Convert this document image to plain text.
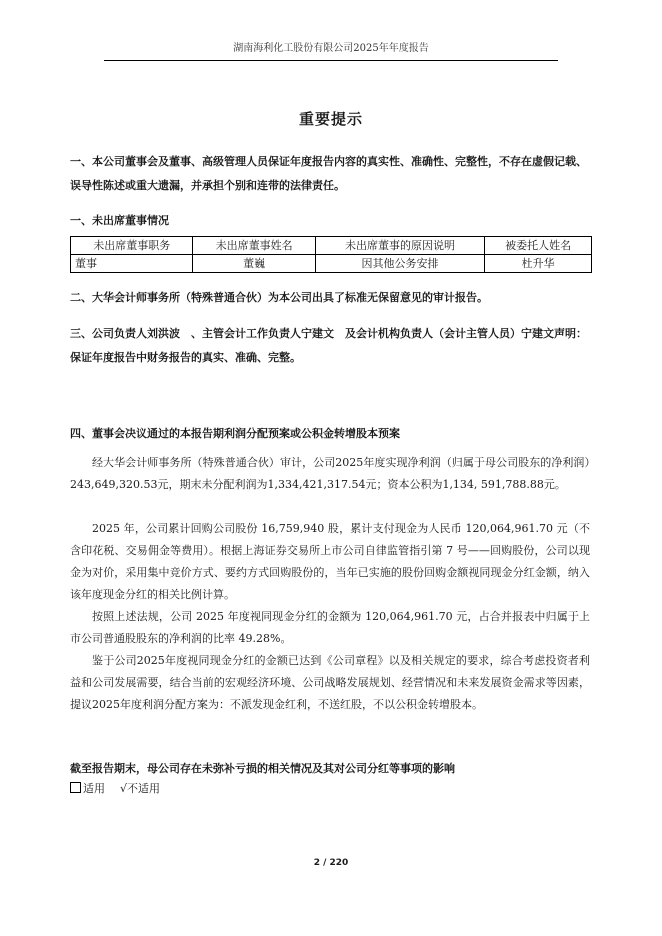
湖南海利化工股份有限公司2025年年度报告
重要提示
一、本公司董事会及董事、高级管理人员保证年度报告内容的真实性、准确性、完整性，不存在虚假记载、误导性陈述或重大遗漏，并承担个别和连带的法律责任。
一、未出席董事情况
未出席董事职务	未出席董事姓名	未出席董事的原因说明	被委托人姓名
董事	董巍	因其他公务安排	杜升华
二、大华会计师事务所（特殊普通合伙）为本公司出具了标准无保留意见的审计报告。
三、公司负责人刘洪波　、主管会计工作负责人宁建文　及会计机构负责人（会计主管人员）宁建文声明：保证年度报告中财务报告的真实、准确、完整。
四、董事会决议通过的本报告期利润分配预案或公积金转增股本预案
经大华会计师事务所（特殊普通合伙）审计，公司2025年度实现净利润（归属于母公司股东的净利润）243,649,320.53元，期末未分配利润为1,334,421,317.54元；资本公积为1,134, 591,788.88元。
2025 年，公司累计回购公司股份 16,759,940 股，累计支付现金为人民币 120,064,961.70 元（不含印花税、交易佣金等费用）。根据上海证券交易所上市公司自律监管指引第 7 号——回购股份，公司以现金为对价，采用集中竞价方式、要约方式回购股份的，当年已实施的股份回购金额视同现金分红金额，纳入该年度现金分红的相关比例计算。
按照上述法规，公司 2025 年度视同现金分红的金额为 120,064,961.70 元，占合并报表中归属于上市公司普通股股东的净利润的比率 49.28%。
鉴于公司2025年度视同现金分红的金额已达到《公司章程》以及相关规定的要求，综合考虑投资者利益和公司发展需要，结合当前的宏观经济环境、公司战略发展规划、经营情况和未来发展资金需求等因素，提议2025年度利润分配方案为：不派发现金红利，不送红股，不以公积金转增股本。
截至报告期末，母公司存在未弥补亏损的相关情况及其对公司分红等事项的影响
适用 √不适用
2 / 220
